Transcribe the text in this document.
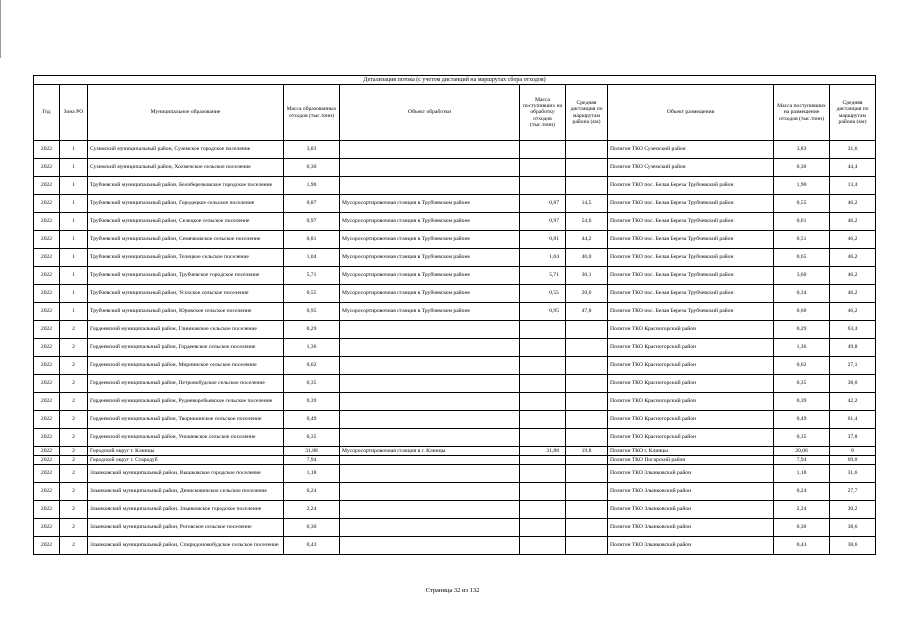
Детализация потока (с учетом дистанций на маршрутах сбора отходов)									
Год	Зона РО	Муниципальное образование	Масса образованных отходов (тыс.тонн)	Объект обработки	Масса поступивших на обработку отходов (тыс.тонн)	Средняя дистанция по маршрутам района (км)	Объект размещения	Масса поступивших на размещение отходов (тыс.тонн)	Средняя дистанция по маршрутам района (км)
2022	1	Суземский муниципальный район, Суземское городское поселение	3,83				Полигон ТКО Суземский район	3,83	31,6
2022	1	Суземский муниципальный район, Холмечское сельское поселение	0,30				Полигон ТКО Суземский район	0,30	44,4
2022	1	Трубчевский муниципальный район, Белоберезковское городское поселение	1,90				Полигон ТКО пос. Белая Береза Трубчевский район	1,90	13,4
2022	1	Трубчевский муниципальный район, Городецкое сельское поселение	0,87	Мусоросортировочная станция в Трубчевском районе	0,87	14,5	Полигон ТКО пос. Белая Береза Трубчевский район	0,55	46,2
2022	1	Трубчевский муниципальный район, Селецкое сельское поселение	0,97	Мусоросортировочная станция в Трубчевском районе	0,97	54,6	Полигон ТКО пос. Белая Береза Трубчевский район	0,61	46,2
2022	1	Трубчевский муниципальный район, Семячковское сельское поселение	0,81	Мусоросортировочная станция в Трубчевском районе	0,81	44,2	Полигон ТКО пос. Белая Береза Трубчевский район	0,51	46,2
2022	1	Трубчевский муниципальный район, Телецкое сельское поселение	1,04	Мусоросортировочная станция в Трубчевском районе	1,04	40,0	Полигон ТКО пос. Белая Береза Трубчевский район	0,65	46,2
2022	1	Трубчевский муниципальный район, Трубчевское городское поселение	5,71	Мусоросортировочная станция в Трубчевском районе	5,71	30,1	Полигон ТКО пос. Белая Береза Трубчевский район	3,60	46,2
2022	1	Трубчевский муниципальный район, Усохское сельское поселение	0,55	Мусоросортировочная станция в Трубчевском районе	0,55	20,6	Полигон ТКО пос. Белая Береза Трубчевский район	0,34	46,2
2022	1	Трубчевский муниципальный район, Юровское сельское поселение	0,95	Мусоросортировочная станция в Трубчевском районе	0,95	47,8	Полигон ТКО пос. Белая Береза Трубчевский район	0,60	46,2
2022	2	Гордеевский муниципальный район, Глинновское сельское поселение	0,29				Полигон ТКО Красногорский район	0,29	63,4
2022	2	Гордеевский муниципальный район, Гордеевское сельское поселение	1,36				Полигон ТКО Красногорский район	1,36	49,8
2022	2	Гордеевский муниципальный район, Мирнинское сельское поселение	0,62				Полигон ТКО Красногорский район	0,62	27,1
2022	2	Гордеевский муниципальный район, Петровобудское сельское поселение	0,35				Полигон ТКО Красногорский район	0,35	38,0
2022	2	Гордеевский муниципальный район, Рудневоробьевское сельское поселение	0,39				Полигон ТКО Красногорский район	0,39	42,2
2022	2	Гордеевский муниципальный район, Творишинское сельское поселение	0,49				Полигон ТКО Красногорский район	0,49	61,4
2022	2	Гордеевский муниципальный район, Уношевское сельское поселение	0,35				Полигон ТКО Красногорский район	0,35	37,8
2022	2	Городской округ г. Клинцы	31,88	Мусоросортировочная станция в г. Клинцы	31,88	19,8	Полигон ТКО г. Клинцы	20,06	0
2022	2	Городской округ г. Стародуб	7,94				Полигон ТКО Погарский район	7,94	69,0
2022	2	Злынковский муниципальный район, Вышковское городское поселение	1,18				Полигон ТКО Злынковский район	1,18	31,6
2022	2	Злынковский муниципальный район, Денисковичское сельское поселение	0,24				Полигон ТКО Злынковский район	0,24	27,7
2022	2	Злынковский муниципальный район, Злынковское городское поселение	2,24				Полигон ТКО Злынковский район	2,24	30,2
2022	2	Злынковский муниципальный район, Роговское сельское поселение	0,30				Полигон ТКО Злынковский район	0,30	38,6
2022	2	Злынковский муниципальный район, Спиридоновобудское сельское поселение	0,43				Полигон ТКО Злынковский район	0,43	38,6
Страница 32 из 132
